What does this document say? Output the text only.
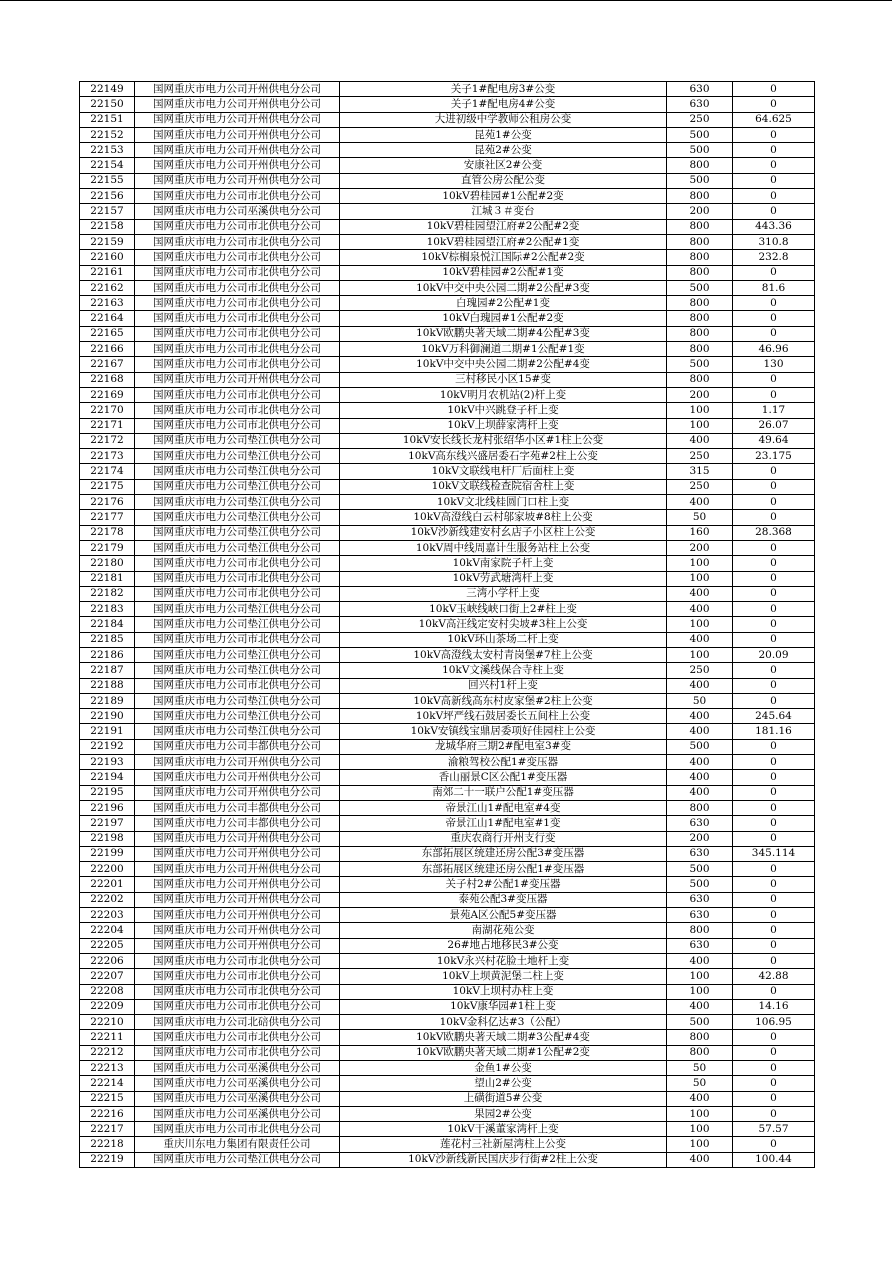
22149	国网重庆市电力公司开州供电分公司	关子1#配电房3#公变	630	0
22150	国网重庆市电力公司开州供电分公司	关子1#配电房4#公变	630	0
22151	国网重庆市电力公司开州供电分公司	大进初级中学教师公租房公变	250	64.625
22152	国网重庆市电力公司开州供电分公司	昆苑1#公变	500	0
22153	国网重庆市电力公司开州供电分公司	昆苑2#公变	500	0
22154	国网重庆市电力公司开州供电分公司	安康社区2#公变	800	0
22155	国网重庆市电力公司开州供电分公司	直管公房公配公变	500	0
22156	国网重庆市电力公司市北供电分公司	10kV碧桂园#1公配#2变	800	0
22157	国网重庆市电力公司巫溪供电分公司	江城３＃变台	200	0
22158	国网重庆市电力公司市北供电分公司	10kV碧桂园望江府#2公配#2变	800	443.36
22159	国网重庆市电力公司市北供电分公司	10kV碧桂园望江府#2公配#1变	800	310.8
22160	国网重庆市电力公司市北供电分公司	10kV棕榈泉悦江国际#2公配#2变	800	232.8
22161	国网重庆市电力公司市北供电分公司	10kV碧桂园#2公配#1变	800	0
22162	国网重庆市电力公司市北供电分公司	10kV中交中央公园二期#2公配#3变	500	81.6
22163	国网重庆市电力公司市北供电分公司	白瑰园#2公配#1变	800	0
22164	国网重庆市电力公司市北供电分公司	10kV白瑰园#1公配#2变	800	0
22165	国网重庆市电力公司市北供电分公司	10kV欧鹏央著天域二期#4公配#3变	800	0
22166	国网重庆市电力公司市北供电分公司	10kV万科御澜道二期#1公配#1变	800	46.96
22167	国网重庆市电力公司市北供电分公司	10kV中交中央公园二期#2公配#4变	500	130
22168	国网重庆市电力公司开州供电分公司	三村移民小区15#变	800	0
22169	国网重庆市电力公司市北供电分公司	10kV明月农机站(2)杆上变	200	0
22170	国网重庆市电力公司市北供电分公司	10kV中兴跳登子杆上变	100	1.17
22171	国网重庆市电力公司市北供电分公司	10kV上坝薛家湾杆上变	100	26.07
22172	国网重庆市电力公司垫江供电分公司	10kV安长线长龙村张绍华小区#1柱上公变	400	49.64
22173	国网重庆市电力公司垫江供电分公司	10kV高东线兴盛居委石字苑#2柱上公变	250	23.175
22174	国网重庆市电力公司垫江供电分公司	10kV文联线电杆厂后面柱上变	315	0
22175	国网重庆市电力公司垫江供电分公司	10kV文联线检查院宿舍柱上变	250	0
22176	国网重庆市电力公司垫江供电分公司	10kV文北线桂圆门口柱上变	400	0
22177	国网重庆市电力公司垫江供电分公司	10kV高澄线白云村邬家坡#8柱上公变	50	0
22178	国网重庆市电力公司垫江供电分公司	10kV沙新线建安村幺店子小区柱上公变	160	28.368
22179	国网重庆市电力公司垫江供电分公司	10kV周中线周嘉计生服务站柱上公变	200	0
22180	国网重庆市电力公司市北供电分公司	10kV南家院子杆上变	100	0
22181	国网重庆市电力公司市北供电分公司	10kV劳武塘湾杆上变	100	0
22182	国网重庆市电力公司市北供电分公司	三湾小学杆上变	400	0
22183	国网重庆市电力公司垫江供电分公司	10kV玉峡线峡口街上2#柱上变	400	0
22184	国网重庆市电力公司垫江供电分公司	10kV高汪线定安村尖坡#3柱上公变	100	0
22185	国网重庆市电力公司市北供电分公司	10kV环山茶场二杆上变	400	0
22186	国网重庆市电力公司垫江供电分公司	10kV高澄线太安村青岗堡#7柱上公变	100	20.09
22187	国网重庆市电力公司垫江供电分公司	10kV文溪线保合寺柱上变	250	0
22188	国网重庆市电力公司市北供电分公司	回兴村1杆上变	400	0
22189	国网重庆市电力公司垫江供电分公司	10kV高新线高东村皮家堡#2柱上公变	50	0
22190	国网重庆市电力公司垫江供电分公司	10kV坪严线石鼓居委长五间柱上公变	400	245.64
22191	国网重庆市电力公司垫江供电分公司	10kV安镇线宝鼎居委项好佳园柱上公变	400	181.16
22192	国网重庆市电力公司丰都供电分公司	龙城华府三期2#配电室3#变	500	0
22193	国网重庆市电力公司开州供电分公司	渝粮驾校公配1#变压器	400	0
22194	国网重庆市电力公司开州供电分公司	香山丽景C区公配1#变压器	400	0
22195	国网重庆市电力公司开州供电分公司	南郊二十一联户公配1#变压器	400	0
22196	国网重庆市电力公司丰都供电分公司	帝景江山1#配电室#4变	800	0
22197	国网重庆市电力公司丰都供电分公司	帝景江山1#配电室#1变	630	0
22198	国网重庆市电力公司开州供电分公司	重庆农商行开州支行变	200	0
22199	国网重庆市电力公司开州供电分公司	东部拓展区统建还房公配3#变压器	630	345.114
22200	国网重庆市电力公司开州供电分公司	东部拓展区统建还房公配1#变压器	500	0
22201	国网重庆市电力公司开州供电分公司	关子村2#公配1#变压器	500	0
22202	国网重庆市电力公司开州供电分公司	泰苑公配3#变压器	630	0
22203	国网重庆市电力公司开州供电分公司	景苑A区公配5#变压器	630	0
22204	国网重庆市电力公司开州供电分公司	南湖花苑公变	800	0
22205	国网重庆市电力公司开州供电分公司	26#地占地移民3#公变	630	0
22206	国网重庆市电力公司市北供电分公司	10kV永兴村花脸土地杆上变	400	0
22207	国网重庆市电力公司市北供电分公司	10kV上坝黄泥堡二柱上变	100	42.88
22208	国网重庆市电力公司市北供电分公司	10kV上坝村办柱上变	100	0
22209	国网重庆市电力公司市北供电分公司	10kV康华园#1柱上变	400	14.16
22210	国网重庆市电力公司北碚供电分公司	10kV金科亿达#3（公配）	500	106.95
22211	国网重庆市电力公司市北供电分公司	10kV欧鹏央著天域二期#3公配#4变	800	0
22212	国网重庆市电力公司市北供电分公司	10kV欧鹏央著天域二期#1公配#2变	800	0
22213	国网重庆市电力公司巫溪供电分公司	金鱼1#公变	50	0
22214	国网重庆市电力公司巫溪供电分公司	望山2#公变	50	0
22215	国网重庆市电力公司巫溪供电分公司	上磺街道5#公变	400	0
22216	国网重庆市电力公司巫溪供电分公司	果园2#公变	100	0
22217	国网重庆市电力公司市北供电分公司	10kV干溪董家湾杆上变	100	57.57
22218	重庆川东电力集团有限责任公司	莲花村三社新屋湾柱上公变	100	0
22219	国网重庆市电力公司垫江供电分公司	10kV沙新线新民国庆步行街#2柱上公变	400	100.44
